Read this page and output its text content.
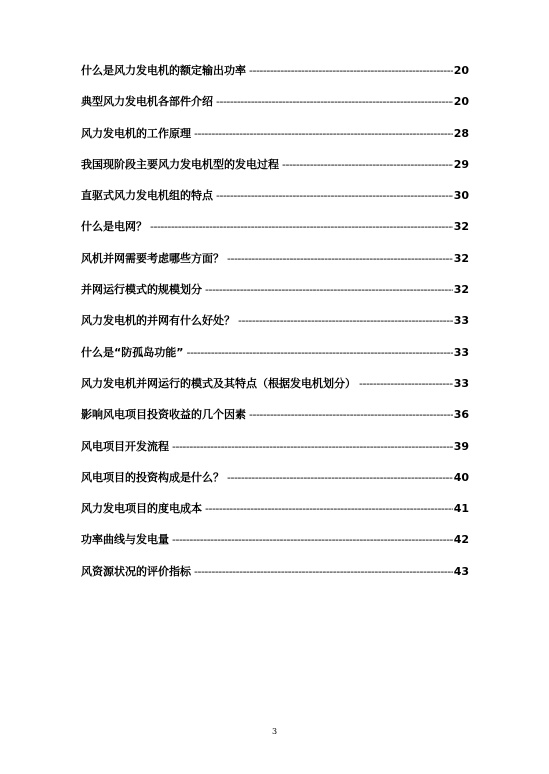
什么是风力发电机的额定输出功率 -----	20
典型风力发电机各部件介绍 -----	20
风力发电机的工作原理 -----	28
我国现阶段主要风力发电机型的发电过程 -----	29
直驱式风力发电机组的特点 -----	30
什么是电网？ -----	32
风机并网需要考虑哪些方面？ -----	32
并网运行模式的规模划分 -----	32
风力发电机的并网有什么好处？ -----	33
什么是“防孤岛功能” -----	33
风力发电机并网运行的模式及其特点（根据发电机划分） -----	33
影响风电项目投资收益的几个因素 -----	36
风电项目开发流程 -----	39
风电项目的投资构成是什么？ -----	40
风力发电项目的度电成本 -----	41
功率曲线与发电量 -----	42
风资源状况的评价指标 -----	43
3
